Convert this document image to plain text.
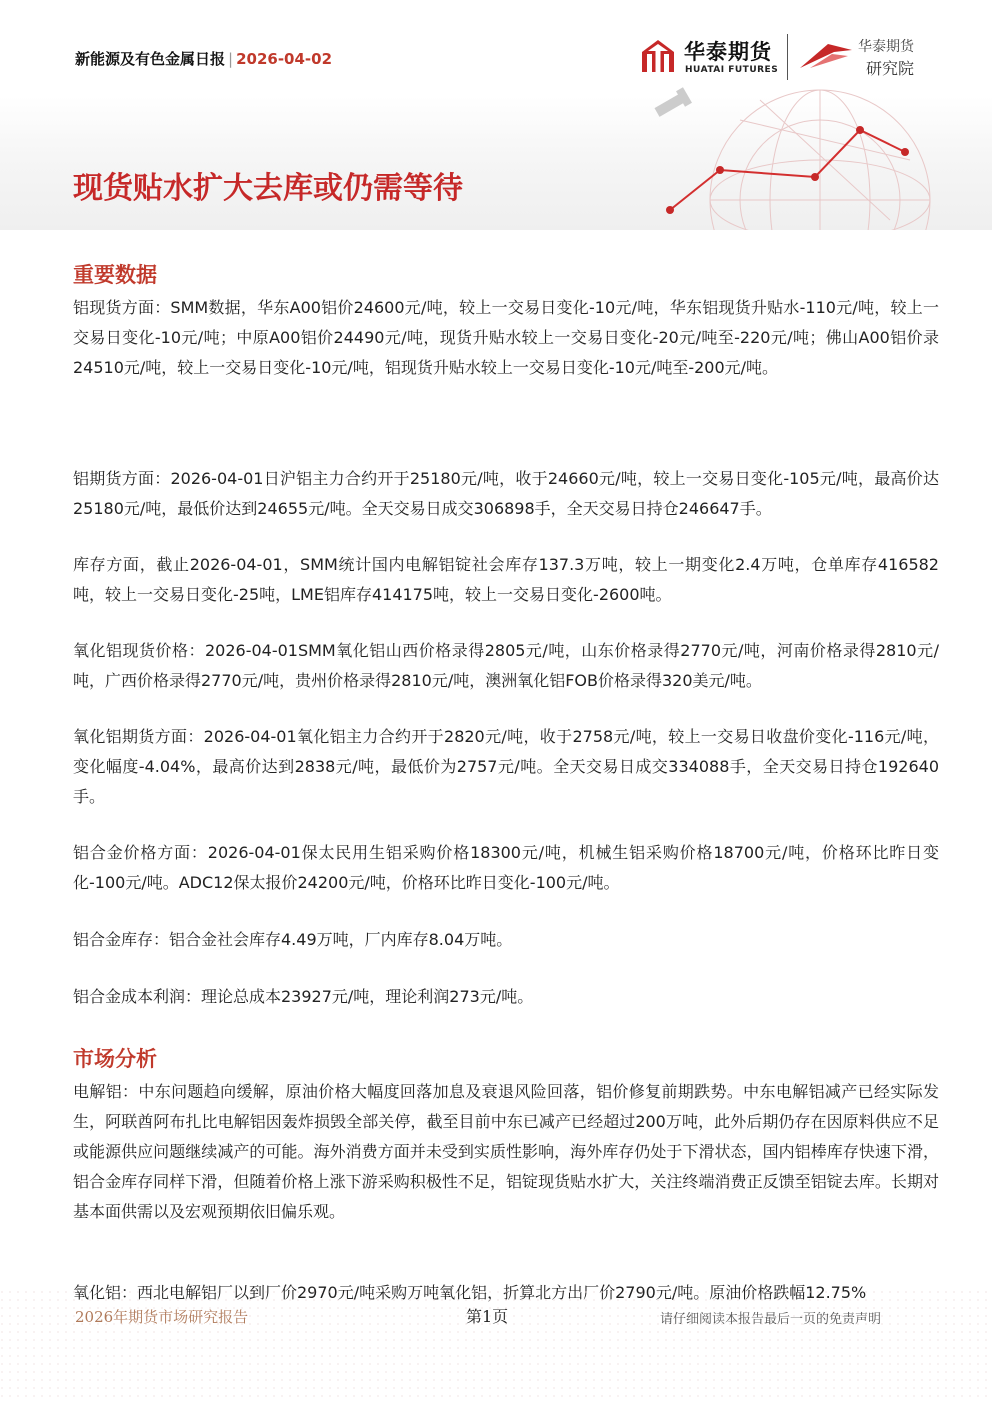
新能源及有色金属日报 | 2026-04-02	华泰期货
HUATAI FUTURES
华泰期货
研究院
现货贴水扩大去库或仍需等待
重要数据
铝现货方面：SMM数据，华东A00铝价24600元/吨，较上一交易日变化-10元/吨，华东铝现货升贴水-110元/吨，较上一交易日变化-10元/吨；中原A00铝价24490元/吨，现货升贴水较上一交易日变化-20元/吨至-220元/吨；佛山A00铝价录24510元/吨，较上一交易日变化-10元/吨，铝现货升贴水较上一交易日变化-10元/吨至-200元/吨。
铝期货方面：2026-04-01日沪铝主力合约开于25180元/吨，收于24660元/吨，较上一交易日变化-105元/吨，最高价达25180元/吨，最低价达到24655元/吨。全天交易日成交306898手，全天交易日持仓246647手。
库存方面，截止2026-04-01，SMM统计国内电解铝锭社会库存137.3万吨，较上一期变化2.4万吨，仓单库存416582吨，较上一交易日变化-25吨，LME铝库存414175吨，较上一交易日变化-2600吨。
氧化铝现货价格：2026-04-01SMM氧化铝山西价格录得2805元/吨，山东价格录得2770元/吨，河南价格录得2810元/吨，广西价格录得2770元/吨，贵州价格录得2810元/吨，澳洲氧化铝FOB价格录得320美元/吨。
氧化铝期货方面：2026-04-01氧化铝主力合约开于2820元/吨，收于2758元/吨，较上一交易日收盘价变化-116元/吨，变化幅度-4.04%，最高价达到2838元/吨，最低价为2757元/吨。全天交易日成交334088手，全天交易日持仓192640手。
铝合金价格方面：2026-04-01保太民用生铝采购价格18300元/吨，机械生铝采购价格18700元/吨，价格环比昨日变化-100元/吨。ADC12保太报价24200元/吨，价格环比昨日变化-100元/吨。
铝合金库存：铝合金社会库存4.49万吨，厂内库存8.04万吨。
铝合金成本利润：理论总成本23927元/吨，理论利润273元/吨。
市场分析
电解铝：中东问题趋向缓解，原油价格大幅度回落加息及衰退风险回落，铝价修复前期跌势。中东电解铝减产已经实际发生，阿联酋阿布扎比电解铝因轰炸损毁全部关停，截至目前中东已减产已经超过200万吨，此外后期仍存在因原料供应不足或能源供应问题继续减产的可能。海外消费方面并未受到实质性影响，海外库存仍处于下滑状态，国内铝棒库存快速下滑，铝合金库存同样下滑，但随着价格上涨下游采购积极性不足，铝锭现货贴水扩大，关注终端消费正反馈至铝锭去库。长期对基本面供需以及宏观预期依旧偏乐观。
2026年期货市场研究报告	第1页	请仔细阅读本报告最后一页的免责声明
